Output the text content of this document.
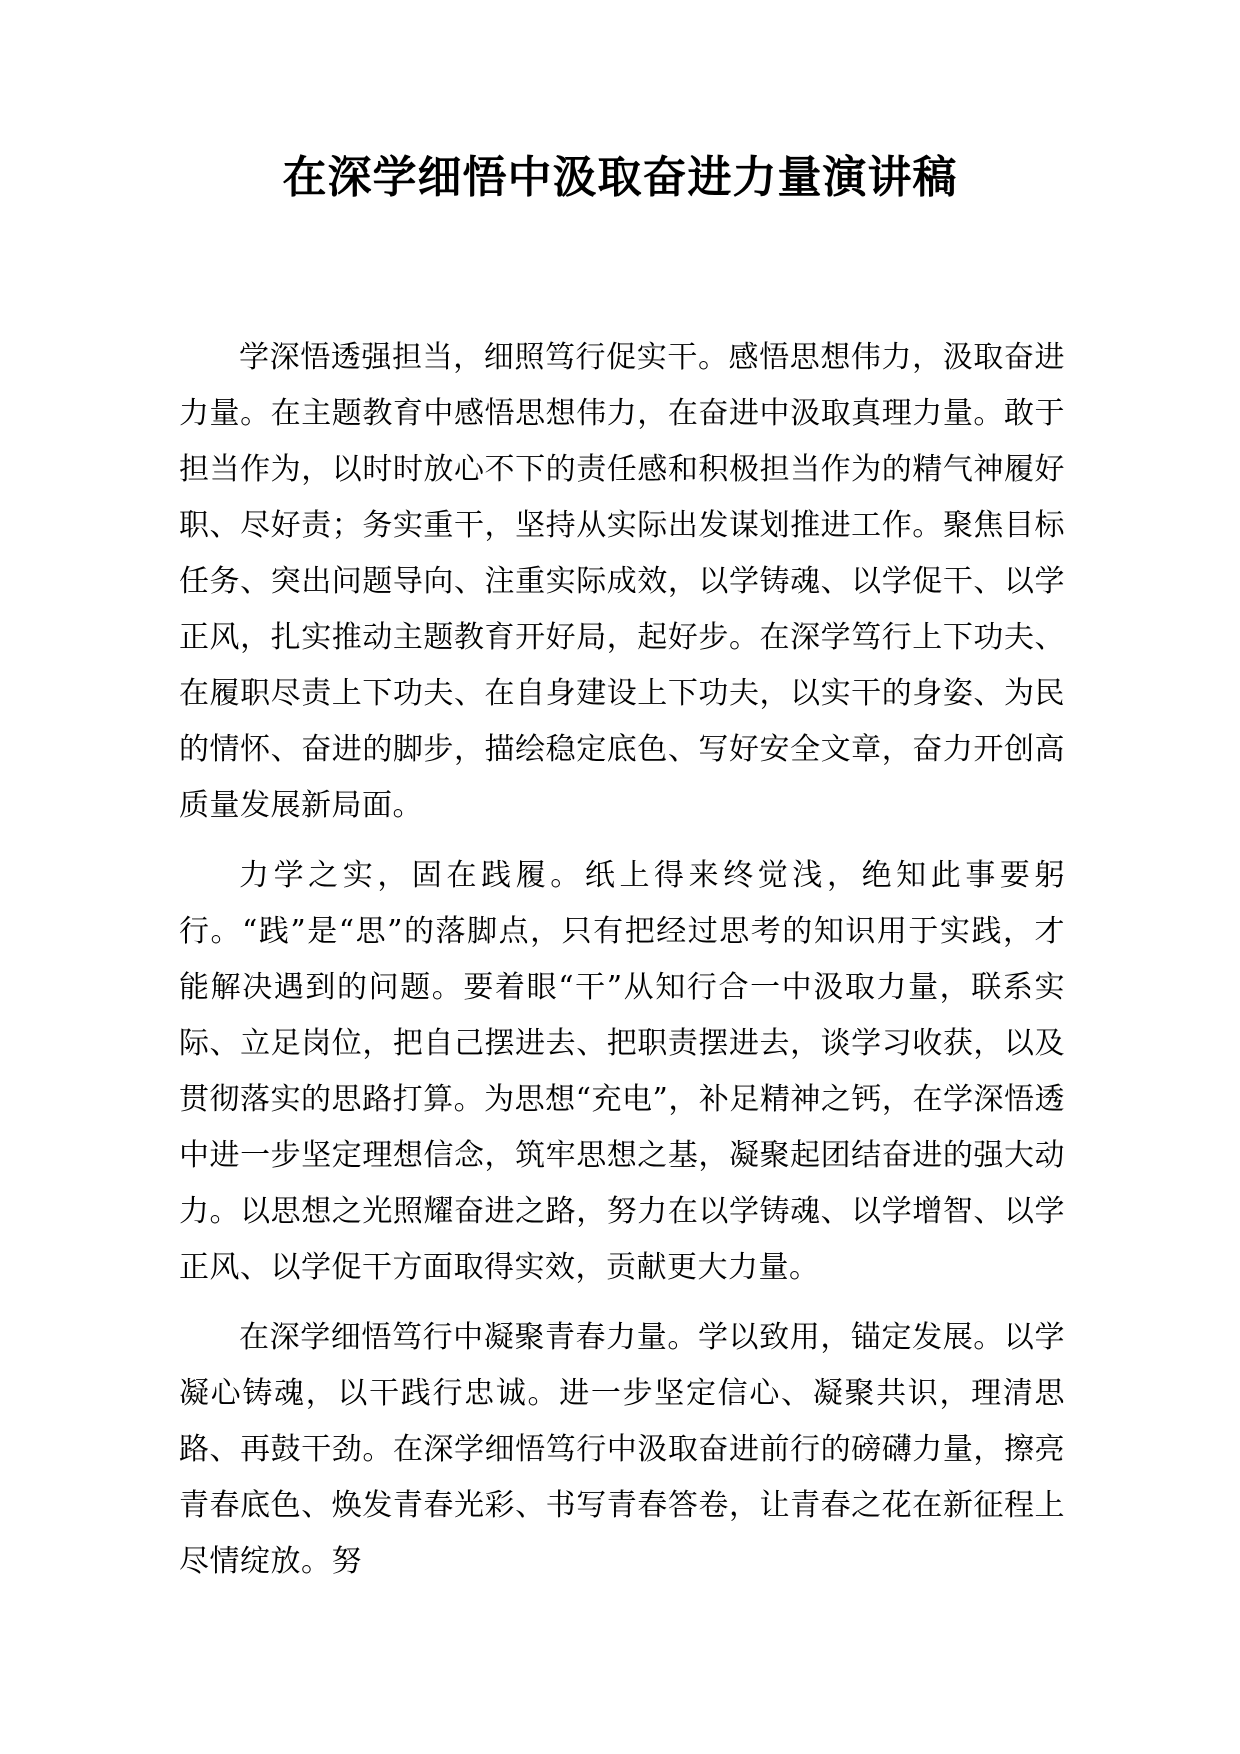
在深学细悟中汲取奋进力量演讲稿

学深悟透强担当，细照笃行促实干。感悟思想伟力，汲取奋进力量。在主题教育中感悟思想伟力，在奋进中汲取真理力量。敢于担当作为，以时时放心不下的责任感和积极担当作为的精气神履好职、尽好责；务实重干，坚持从实际出发谋划推进工作。聚焦目标任务、突出问题导向、注重实际成效，以学铸魂、以学促干、以学正风，扎实推动主题教育开好局，起好步。在深学笃行上下功夫、在履职尽责上下功夫、在自身建设上下功夫，以实干的身姿、为民的情怀、奋进的脚步，描绘稳定底色、写好安全文章，奋力开创高质量发展新局面。

力学之实，固在践履。纸上得来终觉浅，绝知此事要躬行。“践”是“思”的落脚点，只有把经过思考的知识用于实践，才能解决遇到的问题。要着眼“干”从知行合一中汲取力量，联系实际、立足岗位，把自己摆进去、把职责摆进去，谈学习收获，以及贯彻落实的思路打算。为思想“充电”，补足精神之钙，在学深悟透中进一步坚定理想信念，筑牢思想之基，凝聚起团结奋进的强大动力。以思想之光照耀奋进之路，努力在以学铸魂、以学增智、以学正风、以学促干方面取得实效，贡献更大力量。

在深学细悟笃行中凝聚青春力量。学以致用，锚定发展。以学凝心铸魂，以干践行忠诚。进一步坚定信心、凝聚共识，理清思路、再鼓干劲。在深学细悟笃行中汲取奋进前行的磅礴力量，擦亮青春底色、焕发青春光彩、书写青春答卷，让青春之花在新征程上尽情绽放。努
